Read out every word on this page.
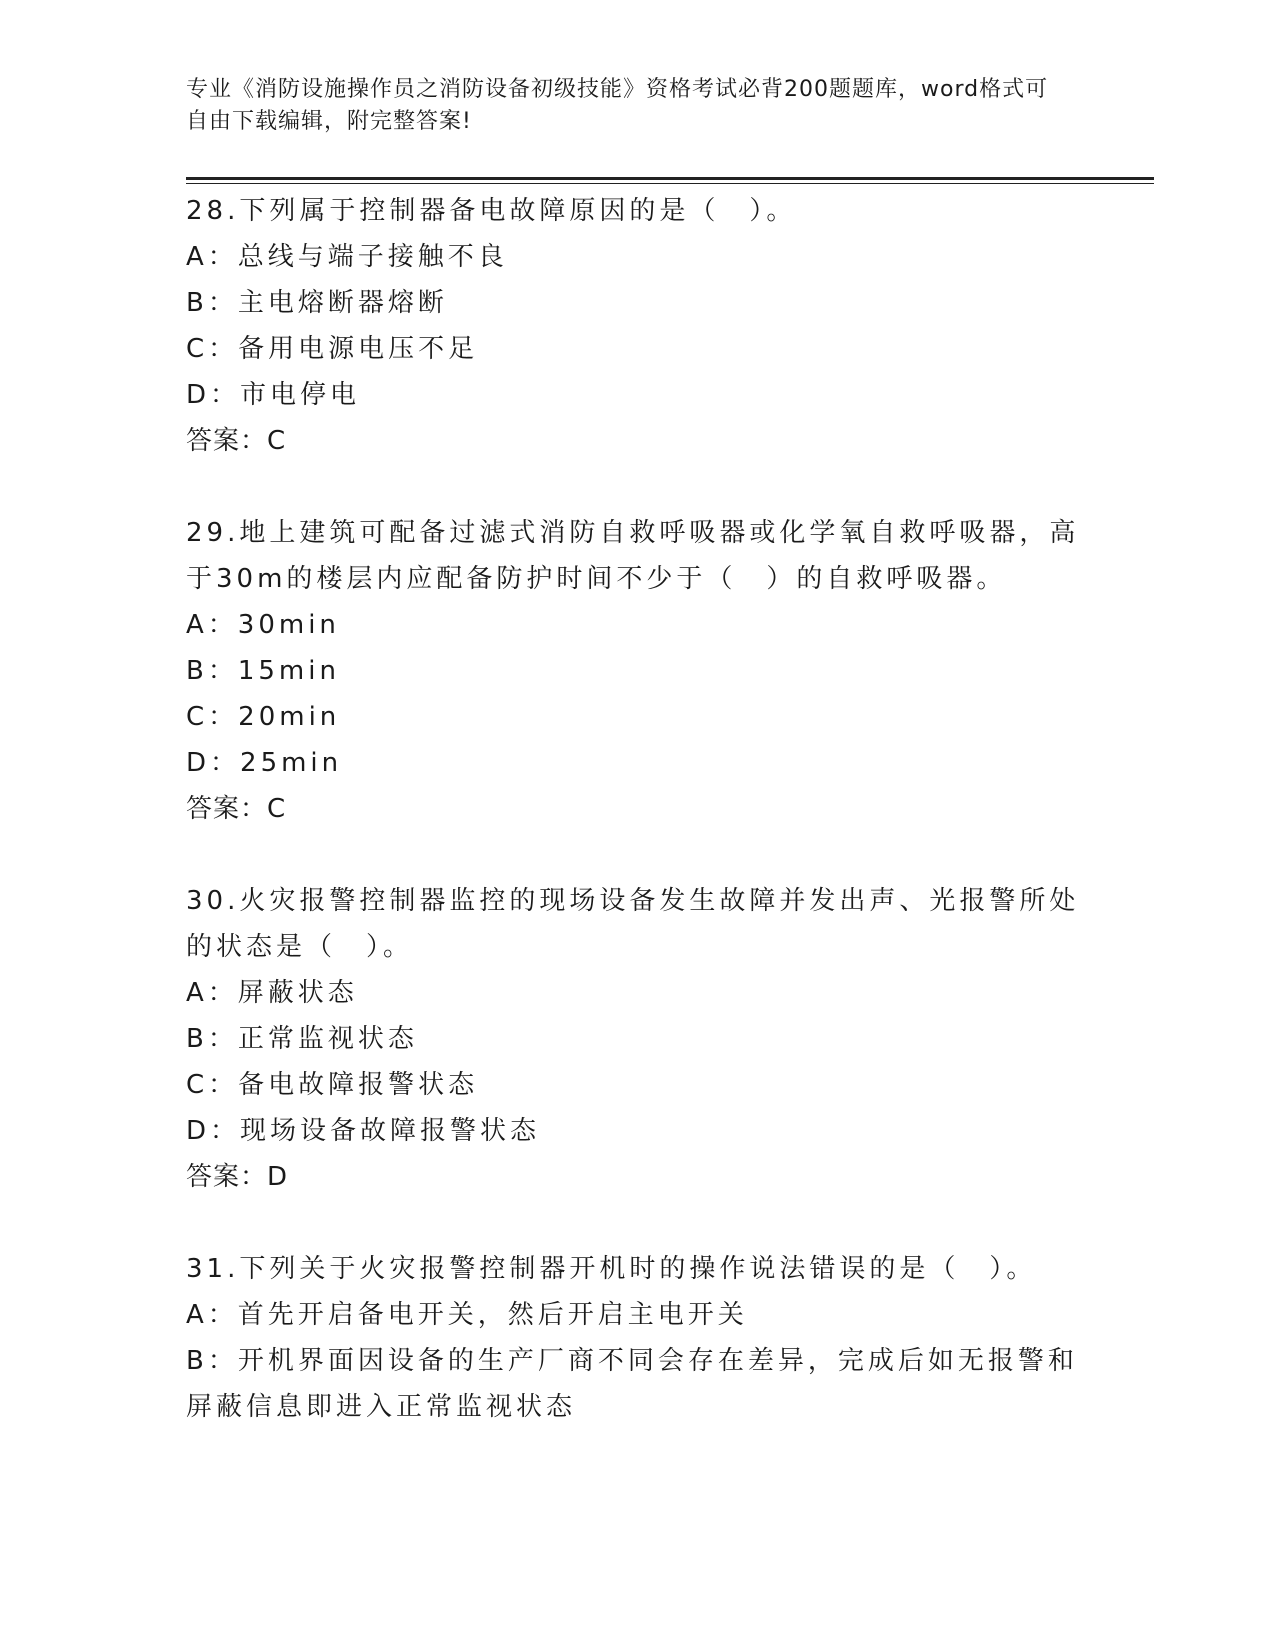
专业《消防设施操作员之消防设备初级技能》资格考试必背200题题库，word格式可自由下载编辑，附完整答案!
28.下列属于控制器备电故障原因的是（　）。
A：总线与端子接触不良
B：主电熔断器熔断
C：备用电源电压不足
D：市电停电
答案：C
29.地上建筑可配备过滤式消防自救呼吸器或化学氧自救呼吸器，高于30m的楼层内应配备防护时间不少于（　）的自救呼吸器。
A：30min
B：15min
C：20min
D：25min
答案：C
30.火灾报警控制器监控的现场设备发生故障并发出声、光报警所处的状态是（　）。
A：屏蔽状态
B：正常监视状态
C：备电故障报警状态
D：现场设备故障报警状态
答案：D
31.下列关于火灾报警控制器开机时的操作说法错误的是（　）。
A：首先开启备电开关，然后开启主电开关
B：开机界面因设备的生产厂商不同会存在差异，完成后如无报警和屏蔽信息即进入正常监视状态
